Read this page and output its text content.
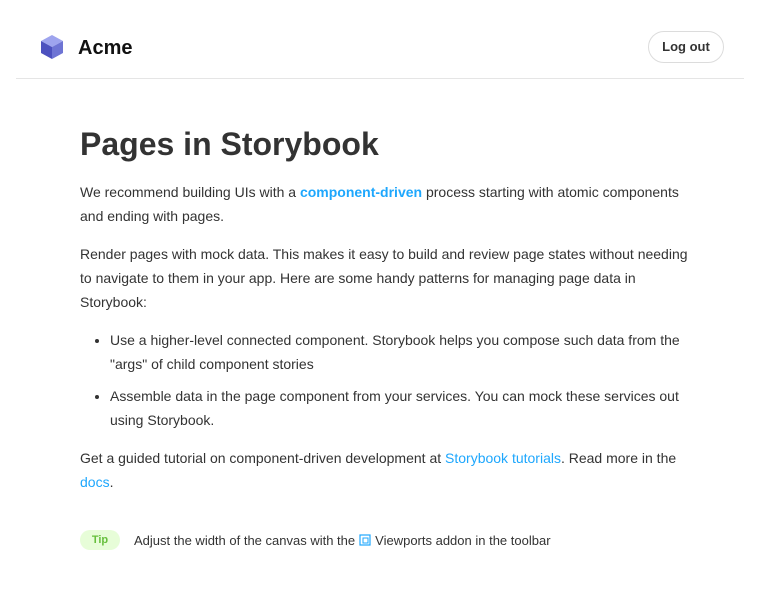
Acme	Log out
Pages in Storybook

We recommend building UIs with a component-driven process starting with atomic components and ending with pages.

Render pages with mock data. This makes it easy to build and review page states without needing to navigate to them in your app. Here are some handy patterns for managing page data in Storybook:

• Use a higher-level connected component. Storybook helps you compose such data from the "args" of child component stories
• Assemble data in the page component from your services. You can mock these services out using Storybook.

Get a guided tutorial on component-driven development at Storybook tutorials. Read more in the docs.

Tip	Adjust the width of the canvas with the Viewports addon in the toolbar
